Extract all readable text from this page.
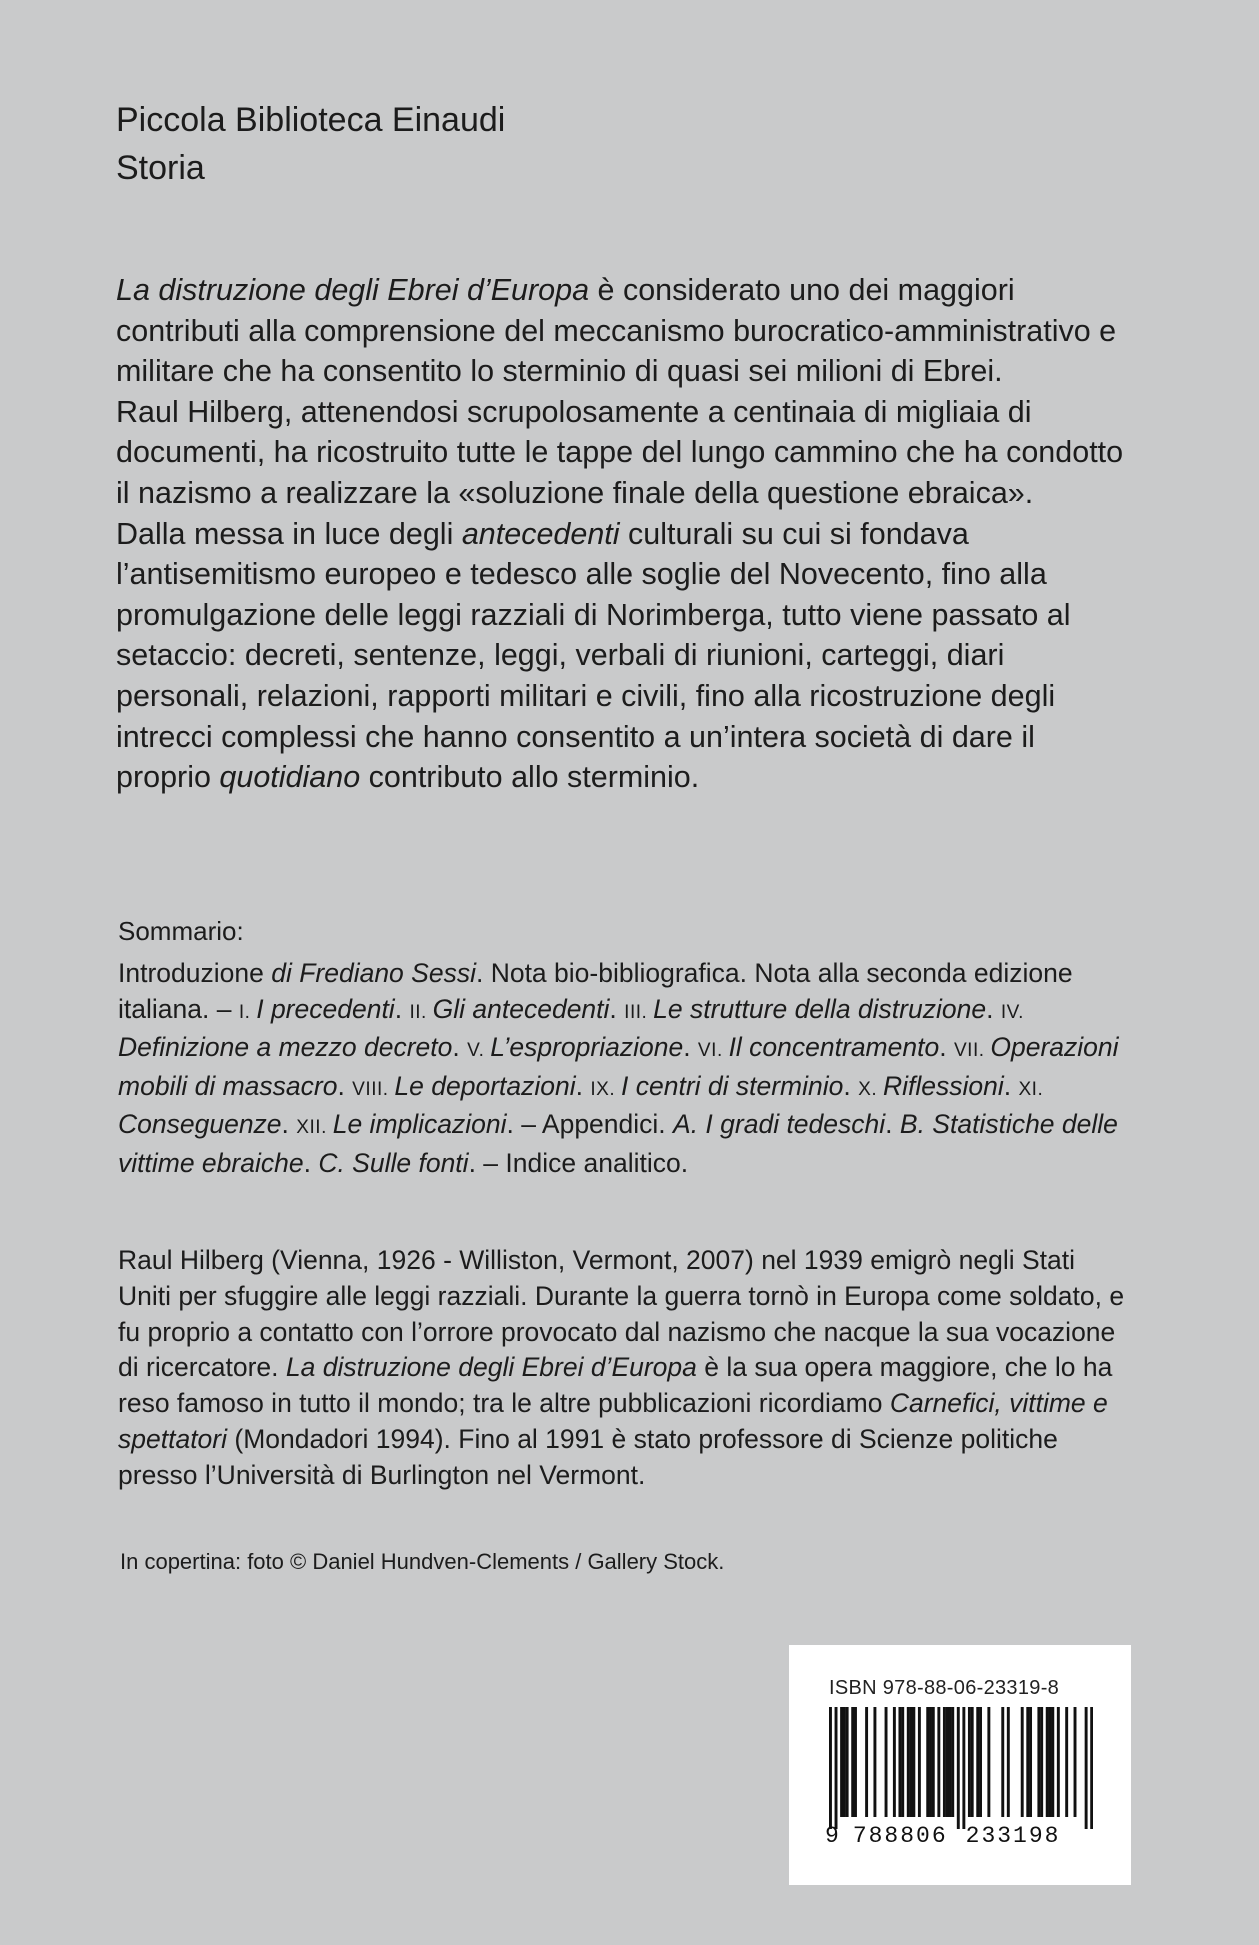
Piccola Biblioteca Einaudi
Storia

La distruzione degli Ebrei d’Europa è considerato uno dei maggiori contributi alla comprensione del meccanismo burocratico-amministrativo e militare che ha consentito lo sterminio di quasi sei milioni di Ebrei.

Raul Hilberg, attenendosi scrupolosamente a centinaia di migliaia di documenti, ha ricostruito tutte le tappe del lungo cammino che ha condotto il nazismo a realizzare la «soluzione finale della questione ebraica».

Dalla messa in luce degli antecedenti culturali su cui si fondava l’antisemitismo europeo e tedesco alle soglie del Novecento, fino alla promulgazione delle leggi razziali di Norimberga, tutto viene passato al setaccio: decreti, sentenze, leggi, verbali di riunioni, carteggi, diari personali, relazioni, rapporti militari e civili, fino alla ricostruzione degli intrecci complessi che hanno consentito a un’intera società di dare il proprio quotidiano contributo allo sterminio.

Sommario:

Introduzione di Frediano Sessi. Nota bio-bibliografica. Nota alla seconda edizione italiana. – I. I precedenti. II. Gli antecedenti. III. Le strutture della distruzione. IV. Definizione a mezzo decreto. V. L’espropriazione. VI. Il concentramento. VII. Operazioni mobili di massacro. VIII. Le deportazioni. IX. I centri di sterminio. X. Riflessioni. XI. Conseguenze. XII. Le implicazioni. – Appendici. A. I gradi tedeschi. B. Statistiche delle vittime ebraiche. C. Sulle fonti. – Indice analitico.

Raul Hilberg (Vienna, 1926 - Williston, Vermont, 2007) nel 1939 emigrò negli Stati Uniti per sfuggire alle leggi razziali. Durante la guerra tornò in Europa come soldato, e fu proprio a contatto con l’orrore provocato dal nazismo che nacque la sua vocazione di ricercatore. La distruzione degli Ebrei d’Europa è la sua opera maggiore, che lo ha reso famoso in tutto il mondo; tra le altre pubblicazioni ricordiamo Carnefici, vittime e spettatori (Mondadori 1994). Fino al 1991 è stato professore di Scienze politiche presso l’Università di Burlington nel Vermont.

In copertina: foto © Daniel Hundven-Clements / Gallery Stock.
ISBN 978-88-06-23319-8
9 788806 233198
